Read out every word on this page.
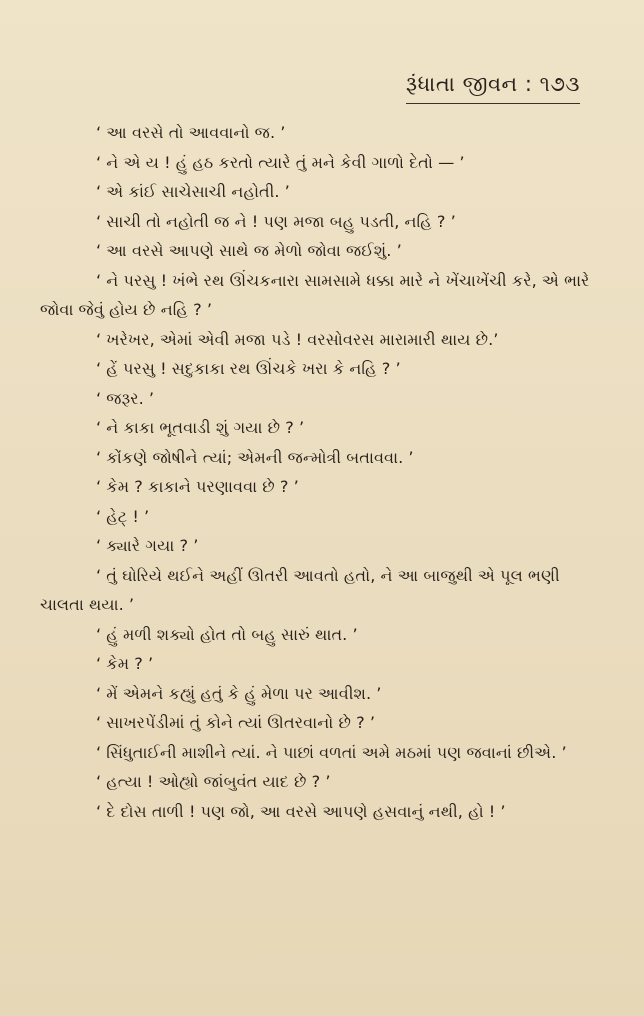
રૂંધાતા જીવન : ૧૭૩

‘ આ વરસે તો આવવાનો જ. ’

‘ ને એ ય ! હું હઠ કરતો ત્યારે તું મને કેવી ગાળો દેતો — ’

‘ એ કાંઈ સાચેસાચી નહોતી. ’

‘ સાચી તો નહોતી જ ને ! પણ મજા બહુ પડતી, નહિ ? ’

‘ આ વરસે આપણે સાથે જ મેળો જોવા જઈશું. ’

‘ ને પરસુ ! ખંભે રથ ઊંચકનારા સામસામે ધક્કા મારે ને ખેંચાખેંચી કરે, એ ભારે જોવા જેવું હોય છે નહિ ? ’

‘ ખરેખર, એમાં એવી મજા પડે ! વરસોવરસ મારામારી થાય છે.’

‘ હેં પરસુ ! સદુકાકા રથ ઊંચકે ખરા કે નહિ ? ’

‘ જરૂર. ’

‘ ને કાકા ભૂતવાડી શું ગયા છે ? ’

‘ કોંકણે જોષીને ત્યાં; એમની જન્મોત્રી બતાવવા. ’

‘ કેમ ? કાકાને પરણાવવા છે ? ’

‘ હેટ્ ! ’

‘ ક્યારે ગયા ? ’

‘ તું ઘોરિયે થઈને અહીં ઊતરી આવતો હતો, ને આ બાજુથી એ પૂલ ભણી ચાલતા થયા. ’

‘ હું મળી શક્યો હોત તો બહુ સારું થાત. ’

‘ કેમ ? ’

‘ મેં એમને કહ્યું હતું કે હું મેળા પર આવીશ. ’

‘ સાખરપેંડીમાં તું કોને ત્યાં ઊતરવાનો છે ? ’

‘ સિંધુતાઈની માશીને ત્યાં. ને પાછાં વળતાં અમે મઠમાં પણ જવાનાં છીએ. ’

‘ હત્યા ! ઓહ્યો જાંબુવંત યાદ છે ? ’

‘ દે દોસ તાળી ! પણ જો, આ વરસે આપણે હસવાનું નથી, હો ! ’
